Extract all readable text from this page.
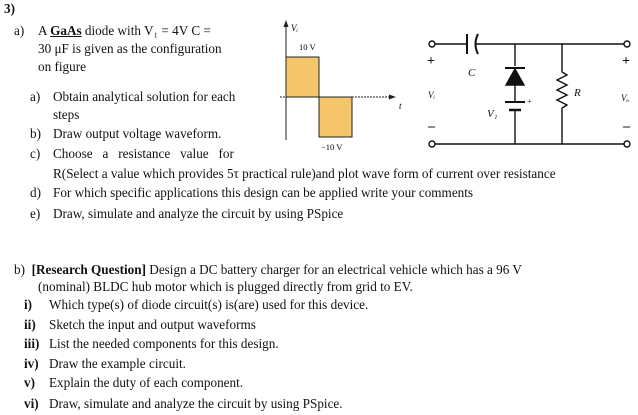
3)
a) A GaAs diode with V₁ = 4V C =
30 μF is given as the configuration
on figure
a) Obtain analytical solution for each
steps
b) Draw output voltage waveform.
c) Choose   a   resistance   value   for
R(Select a value which provides 5τ practical rule)and plot wave form of current over resistance
d) For which specific applications this design can be applied write your comments
e) Draw, simulate and analyze the circuit by using PSpice
b) [Research Question] Design a DC battery charger for an electrical vehicle which has a 96 V
(nominal) BLDC hub motor which is plugged directly from grid to EV.
i) Which type(s) of diode circuit(s) is(are) used for this device.
ii) Sketch the input and output waveforms
iii) List the needed components for this design.
iv) Draw the example circuit.
v) Explain the duty of each component.
vi) Draw, simulate and analyze the circuit by using PSpice.
Vᵢ
t
10 V
−10 V
+
–
Vᵢ
C
V₁
+
R
+
–
Vₒ
